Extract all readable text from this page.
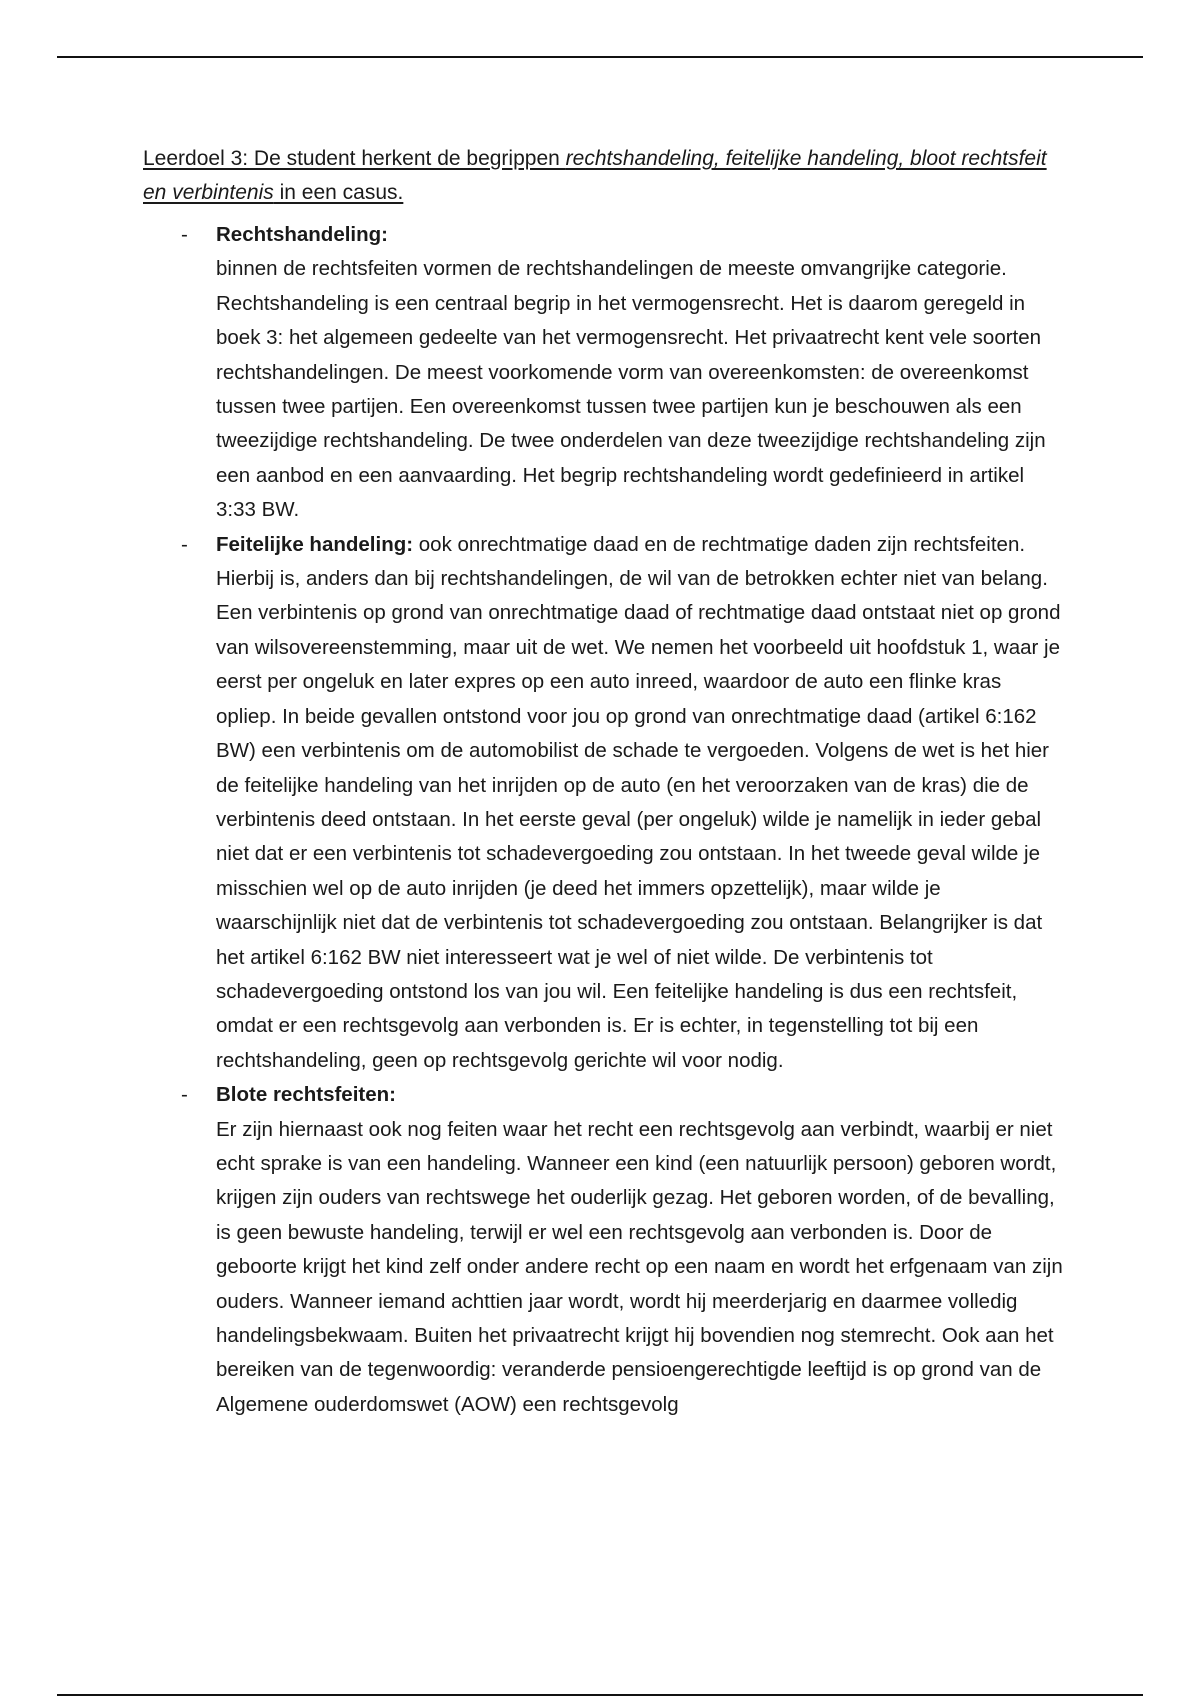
Leerdoel 3: De student herkent de begrippen rechtshandeling, feitelijke handeling, bloot rechtsfeit en verbintenis in een casus.

- Rechtshandeling:
binnen de rechtsfeiten vormen de rechtshandelingen de meeste omvangrijke categorie. Rechtshandeling is een centraal begrip in het vermogensrecht. Het is daarom geregeld in boek 3: het algemeen gedeelte van het vermogensrecht. Het privaatrecht kent vele soorten rechtshandelingen. De meest voorkomende vorm van overeenkomsten: de overeenkomst tussen twee partijen. Een overeenkomst tussen twee partijen kun je beschouwen als een tweezijdige rechtshandeling. De twee onderdelen van deze tweezijdige rechtshandeling zijn een aanbod en een aanvaarding. Het begrip rechtshandeling wordt gedefinieerd in artikel 3:33 BW.
- Feitelijke handeling: ook onrechtmatige daad en de rechtmatige daden zijn rechtsfeiten. Hierbij is, anders dan bij rechtshandelingen, de wil van de betrokken echter niet van belang. Een verbintenis op grond van onrechtmatige daad of rechtmatige daad ontstaat niet op grond van wilsovereenstemming, maar uit de wet. We nemen het voorbeeld uit hoofdstuk 1, waar je eerst per ongeluk en later expres op een auto inreed, waardoor de auto een flinke kras opliep. In beide gevallen ontstond voor jou op grond van onrechtmatige daad (artikel 6:162 BW) een verbintenis om de automobilist de schade te vergoeden. Volgens de wet is het hier de feitelijke handeling van het inrijden op de auto (en het veroorzaken van de kras) die de verbintenis deed ontstaan. In het eerste geval (per ongeluk) wilde je namelijk in ieder gebal niet dat er een verbintenis tot schadevergoeding zou ontstaan. In het tweede geval wilde je misschien wel op de auto inrijden (je deed het immers opzettelijk), maar wilde je waarschijnlijk niet dat de verbintenis tot schadevergoeding zou ontstaan. Belangrijker is dat het artikel 6:162 BW niet interesseert wat je wel of niet wilde. De verbintenis tot schadevergoeding ontstond los van jou wil. Een feitelijke handeling is dus een rechtsfeit, omdat er een rechtsgevolg aan verbonden is. Er is echter, in tegenstelling tot bij een rechtshandeling, geen op rechtsgevolg gerichte wil voor nodig.
- Blote rechtsfeiten:
Er zijn hiernaast ook nog feiten waar het recht een rechtsgevolg aan verbindt, waarbij er niet echt sprake is van een handeling. Wanneer een kind (een natuurlijk persoon) geboren wordt, krijgen zijn ouders van rechtswege het ouderlijk gezag. Het geboren worden, of de bevalling, is geen bewuste handeling, terwijl er wel een rechtsgevolg aan verbonden is. Door de geboorte krijgt het kind zelf onder andere recht op een naam en wordt het erfgenaam van zijn ouders. Wanneer iemand achttien jaar wordt, wordt hij meerderjarig en daarmee volledig handelingsbekwaam. Buiten het privaatrecht krijgt hij bovendien nog stemrecht. Ook aan het bereiken van de tegenwoordig: veranderde pensioengerechtigde leeftijd is op grond van de Algemene ouderdomswet (AOW) een rechtsgevolg
